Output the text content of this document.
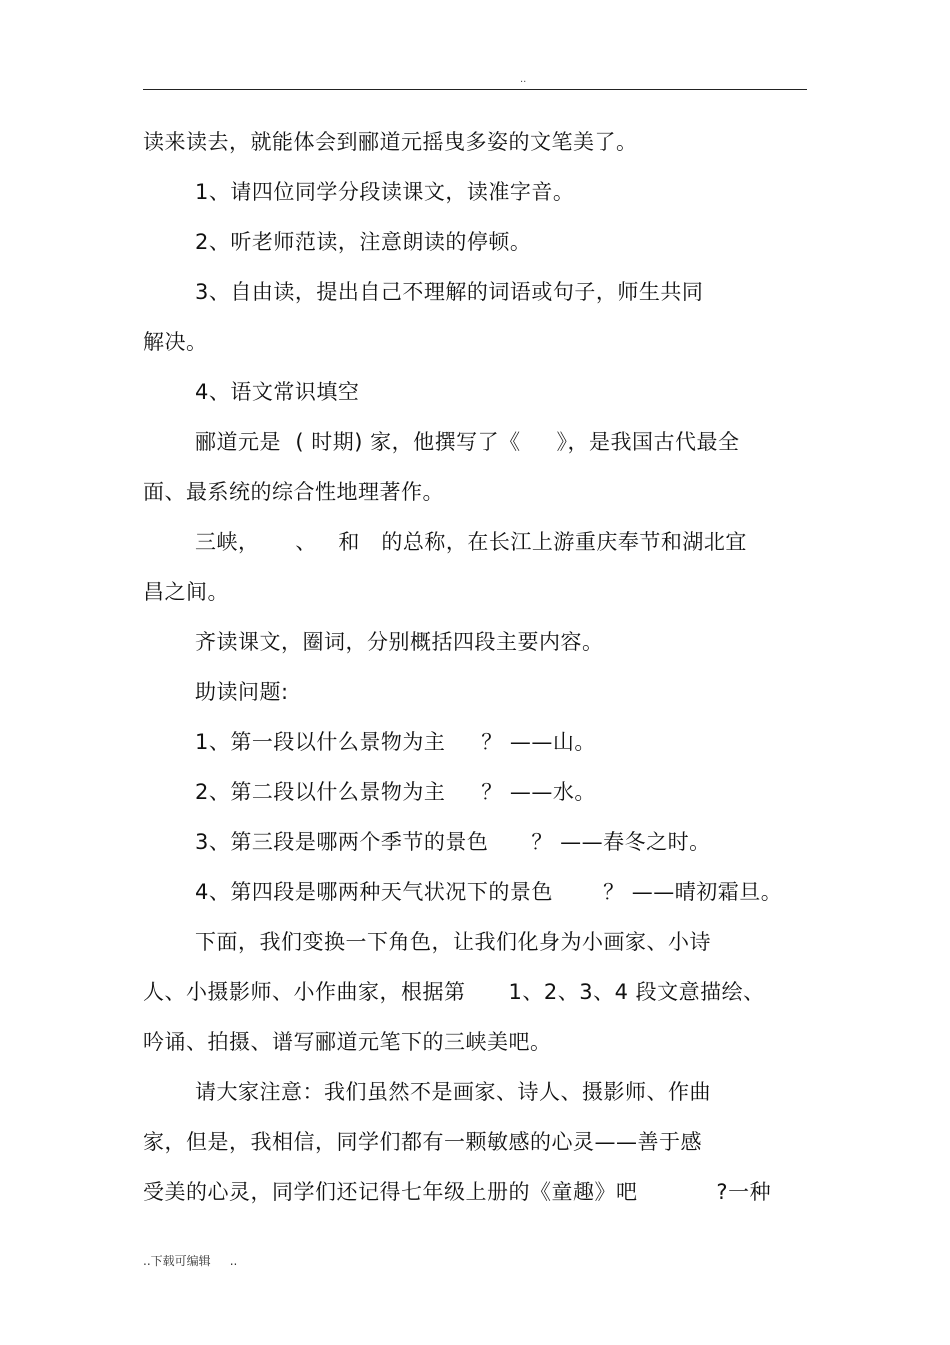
..
读来读去，就能体会到郦道元摇曳多姿的文笔美了。
1、请四位同学分段读课文，读准字音。
2、听老师范读，注意朗读的停顿。
3、自由读，提出自己不理解的词语或句子，师生共同
解决。
4、语文常识填空
郦道元是  ( 时期) 家，他撰写了《     》，是我国古代最全
面、最系统的综合性地理著作。
三峡，     、   和   的总称，在长江上游重庆奉节和湖北宜
昌之间。
齐读课文，圈词，分别概括四段主要内容。
助读问题:
1、第一段以什么景物为主     ？ ——山。
2、第二段以什么景物为主     ？ ——水。
3、第三段是哪两个季节的景色      ？ ——春冬之时。
4、第四段是哪两种天气状况下的景色       ？ ——晴初霜旦。
下面，我们变换一下角色，让我们化身为小画家、小诗
人、小摄影师、小作曲家，根据第      1、2、3、4 段文意描绘、
吟诵、拍摄、谱写郦道元笔下的三峡美吧。
请大家注意：我们虽然不是画家、诗人、摄影师、作曲
家，但是，我相信，同学们都有一颗敏感的心灵——善于感
受美的心灵，同学们还记得七年级上册的《童趣》吧           ?一种
..下载可编辑     ..
